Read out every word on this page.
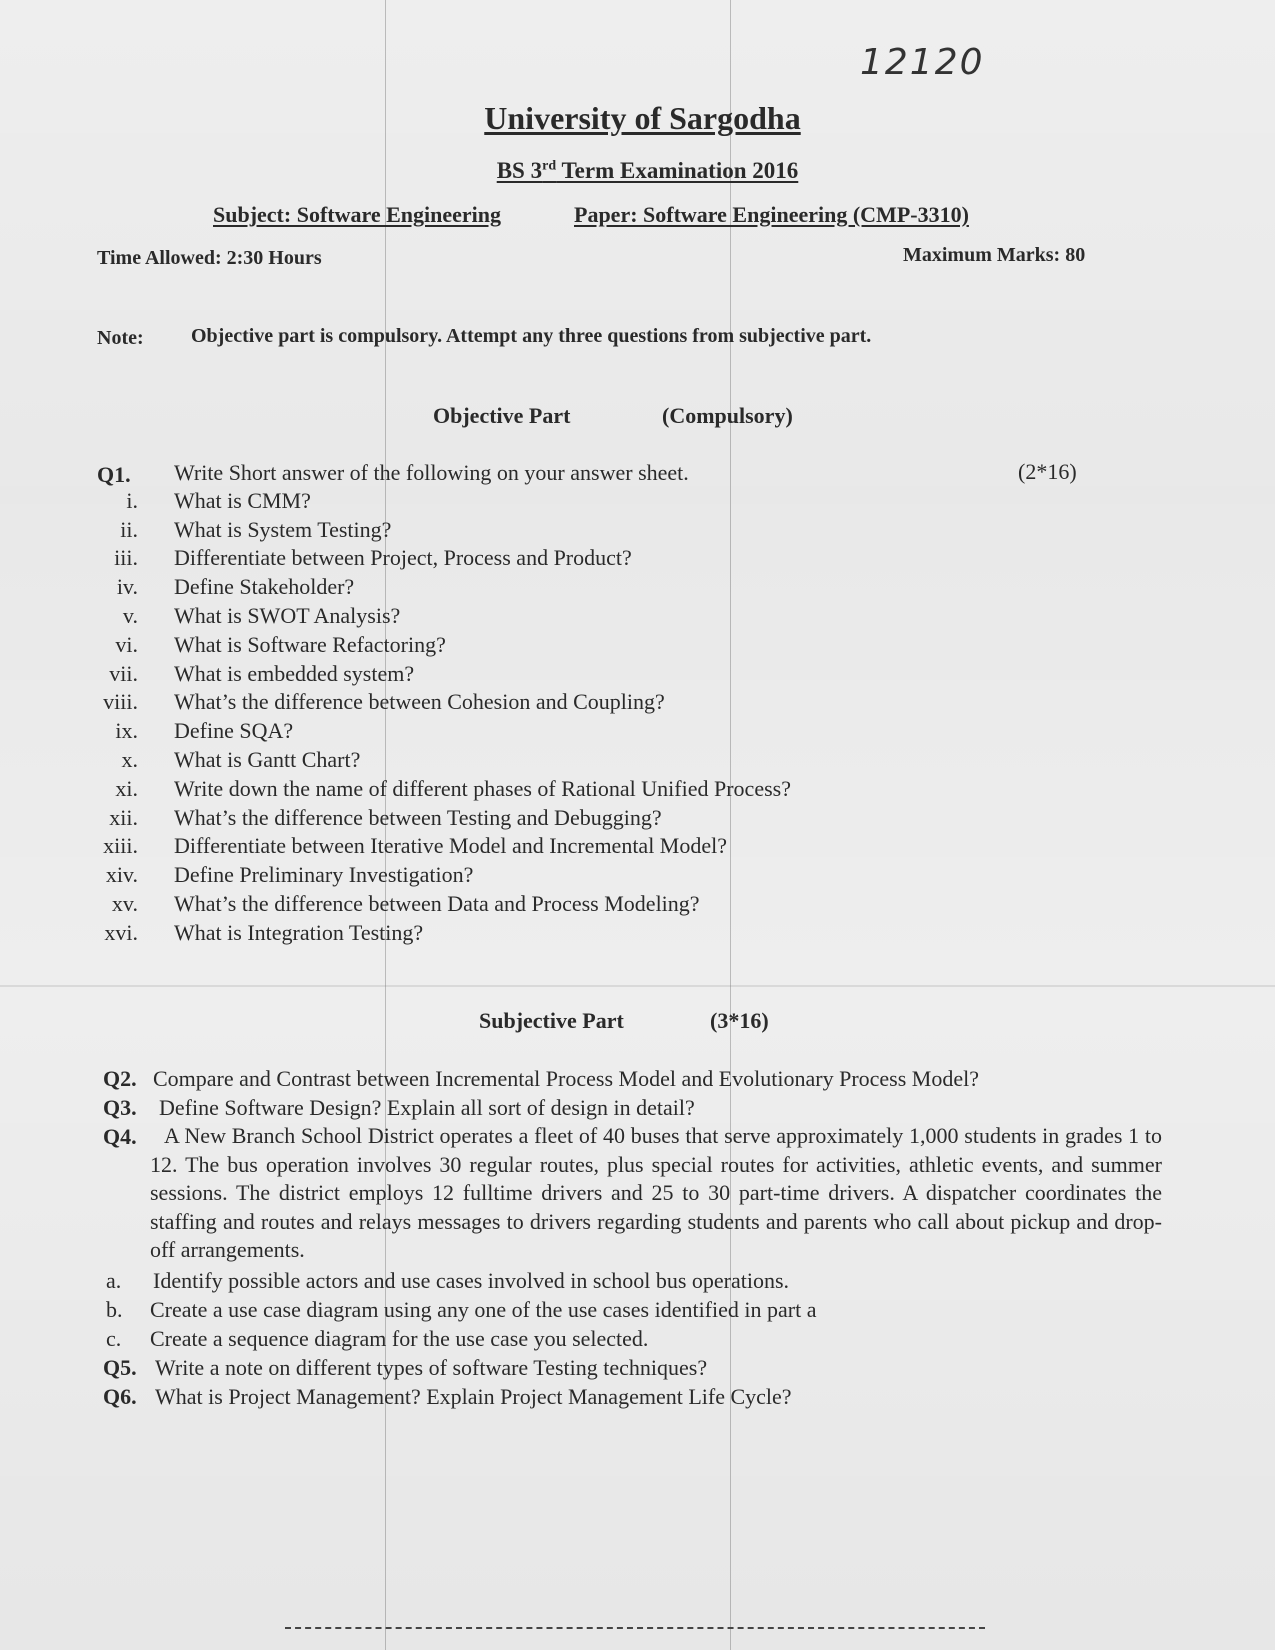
12120
University of Sargodha
BS 3rd Term Examination 2016
Subject: Software Engineering	Paper: Software Engineering (CMP-3310)
Time Allowed: 2:30 Hours	Maximum Marks: 80
Note: Objective part is compulsory. Attempt any three questions from subjective part.
Objective Part	(Compulsory)
Q1. Write Short answer of the following on your answer sheet.	(2*16)
i. What is CMM?
ii. What is System Testing?
iii. Differentiate between Project, Process and Product?
iv. Define Stakeholder?
v. What is SWOT Analysis?
vi. What is Software Refactoring?
vii. What is embedded system?
viii. What’s the difference between Cohesion and Coupling?
ix. Define SQA?
x. What is Gantt Chart?
xi. Write down the name of different phases of Rational Unified Process?
xii. What’s the difference between Testing and Debugging?
xiii. Differentiate between Iterative Model and Incremental Model?
xiv. Define Preliminary Investigation?
xv. What’s the difference between Data and Process Modeling?
xvi. What is Integration Testing?
Subjective Part	(3*16)
Q2. Compare and Contrast between Incremental Process Model and Evolutionary Process Model?
Q3. Define Software Design? Explain all sort of design in detail?
Q4.	A New Branch School District operates a fleet of 40 buses that serve approximately 1,000 students in grades 1 to 12. The bus operation involves 30 regular routes, plus special routes for activities, athletic events, and summer sessions. The district employs 12 fulltime drivers and 25 to 30 part-time drivers. A dispatcher coordinates the staffing and routes and relays messages to drivers regarding students and parents who call about pickup and drop-off arrangements.
a. Identify possible actors and use cases involved in school bus operations.
b. Create a use case diagram using any one of the use cases identified in part a
c. Create a sequence diagram for the use case you selected.
Q5. Write a note on different types of software Testing techniques?
Q6. What is Project Management? Explain Project Management Life Cycle?
